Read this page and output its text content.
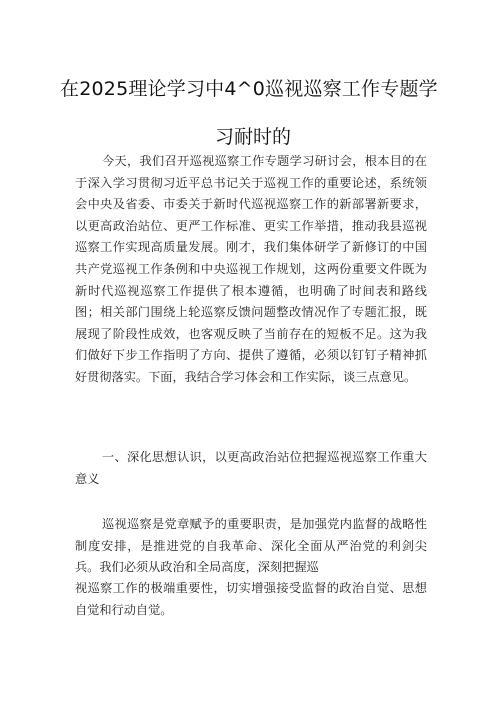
在2025理论学习中4^0巡视巡察工作专题学
习耐时的
今天，我们召开巡视巡察工作专题学习研讨会，根本目的在于深入学习贯彻习近平总书记关于巡视工作的重要论述，系统领会中央及省委、市委关于新时代巡视巡察工作的新部署新要求，以更高政治站位、更严工作标准、更实工作举措，推动我县巡视巡察工作实现高质量发展。刚才，我们集体研学了新修订的中国共产党巡视工作条例和中央巡视工作规划，这两份重要文件既为新时代巡视巡察工作提供了根本遵循，也明确了时间表和路线图；相关部门围绕上轮巡察反馈问题整改情况作了专题汇报，既展现了阶段性成效，也客观反映了当前存在的短板不足。这为我们做好下步工作指明了方向、提供了遵循，必须以钉钉子精神抓好贯彻落实。下面，我结合学习体会和工作实际，谈三点意见。
一、深化思想认识，以更高政治站位把握巡视巡察工作重大意义
巡视巡察是党章赋予的重要职责，是加强党内监督的战略性制度安排，是推进党的自我革命、深化全面从严治党的利剑尖兵。我们必须从政治和全局高度，深刻把握巡
视巡察工作的极端重要性，切实增强接受监督的政治自觉、思想自觉和行动自觉。
